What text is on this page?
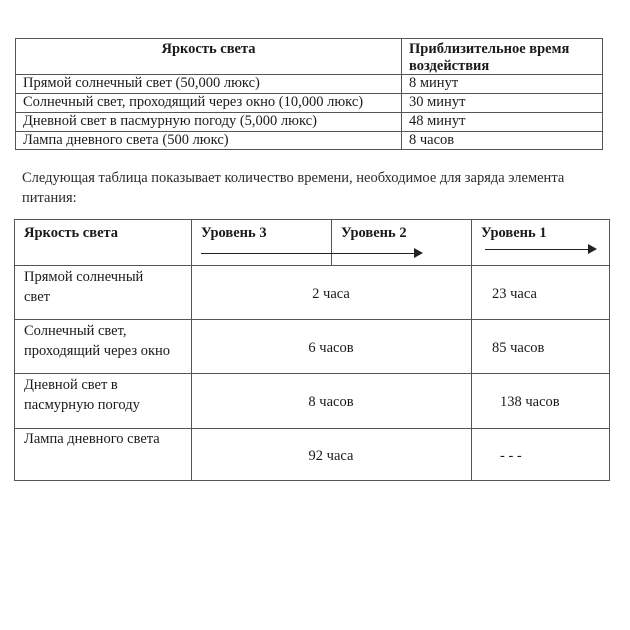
Яркость света	Приблизительное время
воздействия
Прямой солнечный свет (50,000 люкс)	8 минут
Солнечный свет, проходящий через окно (10,000 люкс)	30 минут
Дневной свет в пасмурную погоду (5,000 люкс)	48 минут
Лампа дневного света (500 люкс)	8 часов
Следующая таблица показывает количество времени, необходимое для заряда элемента
питания:
Яркость света	Уровень 3	Уровень 2	Уровень 1
Прямой солнечный
свет	2 часа	23 часа
Солнечный свет,
проходящий через окно	6 часов	85 часов
Дневной свет в
пасмурную погоду	8 часов	138 часов
Лампа дневного света
92 часа	- - -
